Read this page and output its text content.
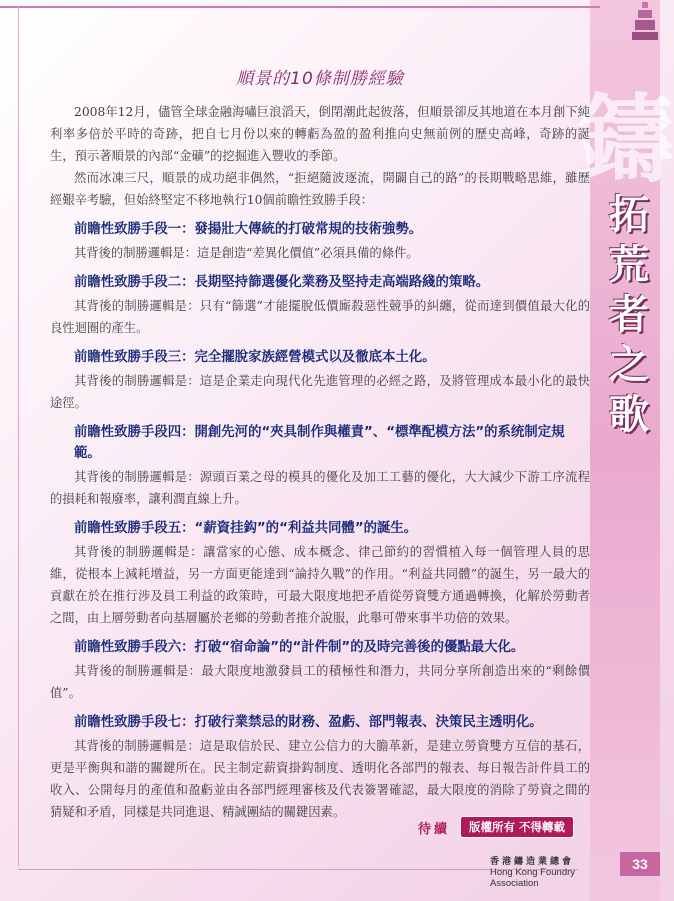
鑄
拓
荒
者
之
歌
順景的10條制勝經驗

2008年12月，儘管全球金融海嘯巨浪滔天，倒閉潮此起彼落，但順景卻反其地道在本月創下純利率多倍於平時的奇跡，把自七月份以來的轉虧為盈的盈利推向史無前例的歷史高峰，奇跡的誕生，預示著順景的內部“金礦”的挖掘進入豐收的季節。

然而冰凍三尺，順景的成功絕非偶然，“拒絕隨波逐流，開闢自己的路”的長期戰略思維，雖歷經艱辛考驗，但始終堅定不移地執行10個前瞻性致勝手段：

前瞻性致勝手段一：發揚壯大傳統的打破常規的技術強勢。

其背後的制勝邏輯是：這是創造“差異化價值”必須具備的條件。

前瞻性致勝手段二：長期堅持篩選優化業務及堅持走高端路綫的策略。

其背後的制勝邏輯是：只有“篩選”才能擺脫低價廝殺惡性競爭的糾纏，從而達到價值最大化的良性迴圈的產生。

前瞻性致勝手段三：完全擺脫家族經營模式以及徹底本土化。

其背後的制勝邏輯是：這是企業走向現代化先進管理的必經之路，及將管理成本最小化的最快途徑。

前瞻性致勝手段四：開創先河的“夾具制作與權責”、“標準配模方法”的系统制定規範。

其背後的制勝邏輯是：源頭百業之母的模具的優化及加工工藝的優化，大大減少下游工序流程的損耗和報廢率，讓利潤直線上升。

前瞻性致勝手段五：“薪資挂鈎”的“利益共同體”的誕生。

其背後的制勝邏輯是：讓當家的心態、成本概念、律己節約的習慣植入每一個管理人員的思維，從根本上減耗增益，另一方面更能達到“論持久戰”的作用。“利益共同體”的誕生，另一最大的貢獻在於在推行涉及員工利益的政策時，可最大限度地把矛盾從勞資雙方通過轉換，化解於勞動者之間，由上層勞動者向基層屬於老鄉的勞動者推介說服，此舉可帶來事半功倍的效果。

前瞻性致勝手段六：打破“宿命論”的“計件制”的及時完善後的優點最大化。

其背後的制勝邏輯是：最大限度地激發員工的積極性和潛力，共同分享所創造出來的“剩餘價值”。

前瞻性致勝手段七：打破行業禁忌的財務、盈虧、部門報表、決策民主透明化。

其背後的制勝邏輯是：這是取信於民、建立公信力的大膽革新，是建立勞資雙方互信的基石，更是平衡與和諧的關鍵所在。民主制定薪資掛鈎制度、透明化各部門的報表、每日報告計件員工的收入、公開每月的產值和盈虧並由各部門經理審核及代表簽署確認，最大限度的消除了勞資之間的猜疑和矛盾，同樣是共同進退、精誠團結的關鍵因素。

待續	版權所有 不得轉載
香港鑄造業總會
Hong Kong Foundry Association
33
